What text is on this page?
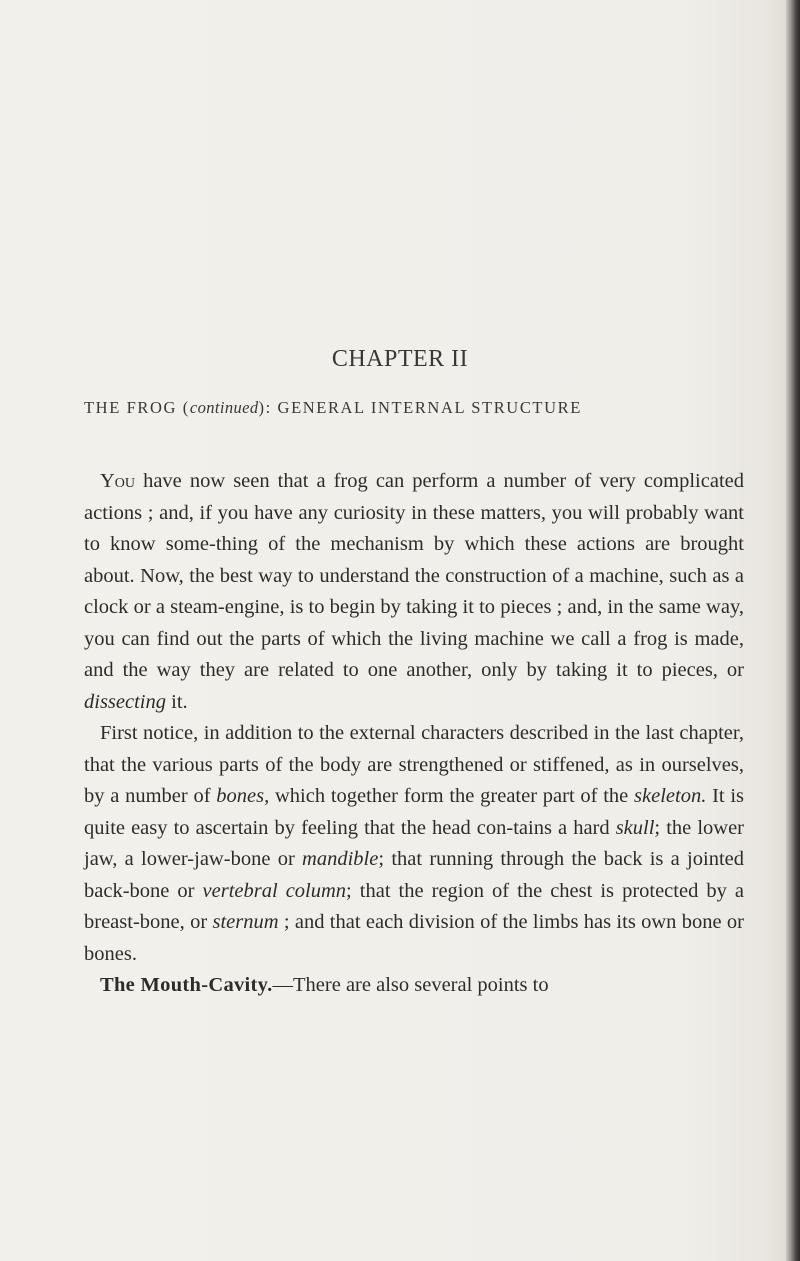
CHAPTER II
THE FROG (continued): GENERAL INTERNAL STRUCTURE

You have now seen that a frog can perform a number of very complicated actions ; and, if you have any curiosity in these matters, you will probably want to know some-thing of the mechanism by which these actions are brought about. Now, the best way to understand the construction of a machine, such as a clock or a steam-engine, is to begin by taking it to pieces ; and, in the same way, you can find out the parts of which the living machine we call a frog is made, and the way they are related to one another, only by taking it to pieces, or dissecting it.

First notice, in addition to the external characters described in the last chapter, that the various parts of the body are strengthened or stiffened, as in ourselves, by a number of bones, which together form the greater part of the skeleton. It is quite easy to ascertain by feeling that the head con-tains a hard skull; the lower jaw, a lower-jaw-bone or mandible; that running through the back is a jointed back-bone or vertebral column; that the region of the chest is protected by a breast-bone, or sternum ; and that each division of the limbs has its own bone or bones.

The Mouth-Cavity.—There are also several points to
